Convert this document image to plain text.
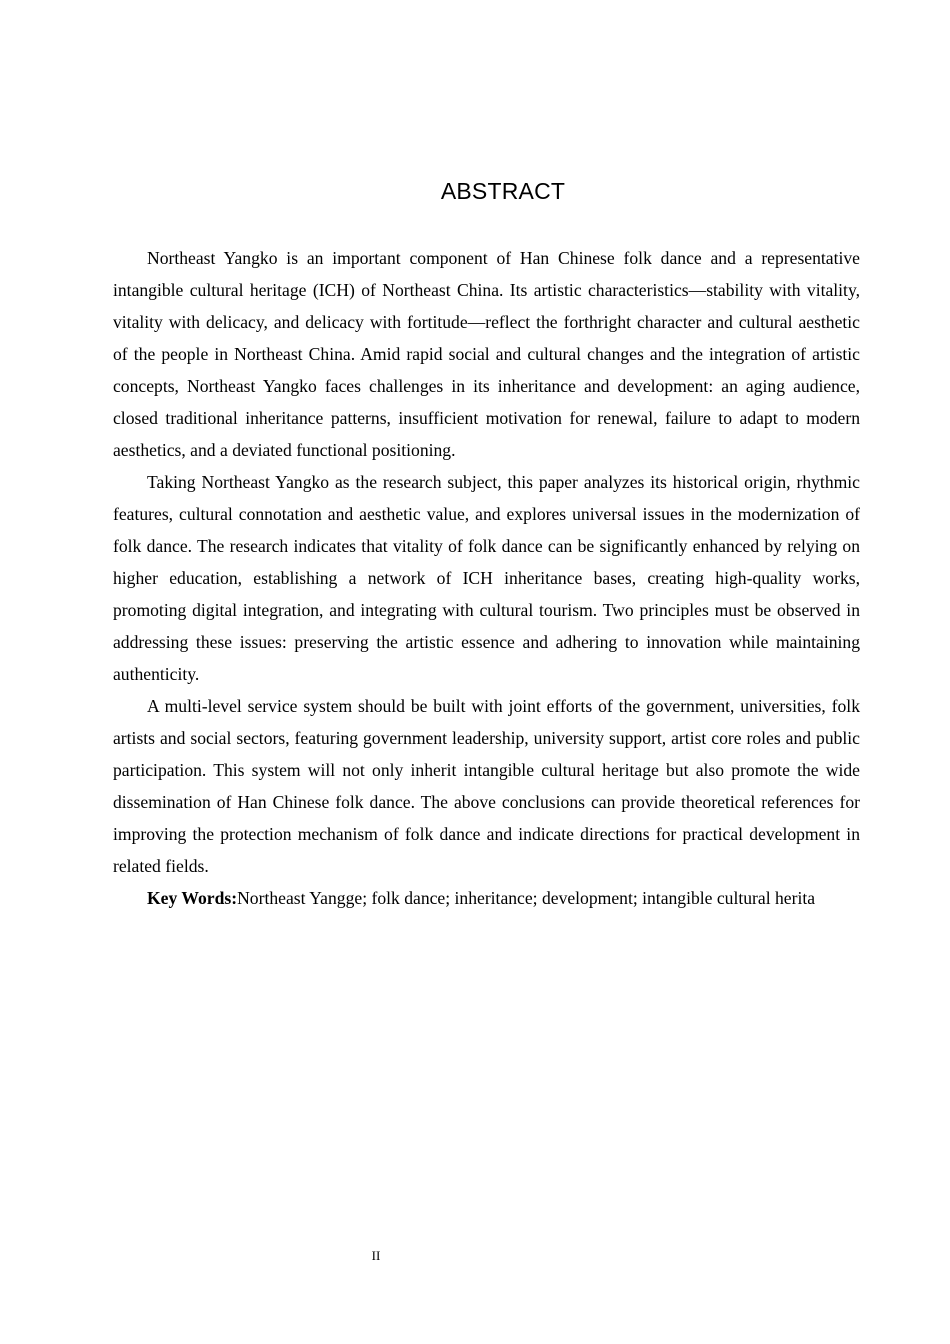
ABSTRACT

Northeast Yangko is an important component of Han Chinese folk dance and a representative intangible cultural heritage (ICH) of Northeast China. Its artistic characteristics—stability with vitality, vitality with delicacy, and delicacy with fortitude—reflect the forthright character and cultural aesthetic of the people in Northeast China. Amid rapid social and cultural changes and the integration of artistic concepts, Northeast Yangko faces challenges in its inheritance and development: an aging audience, closed traditional inheritance patterns, insufficient motivation for renewal, failure to adapt to modern aesthetics, and a deviated functional positioning.

Taking Northeast Yangko as the research subject, this paper analyzes its historical origin, rhythmic features, cultural connotation and aesthetic value, and explores universal issues in the modernization of folk dance. The research indicates that vitality of folk dance can be significantly enhanced by relying on higher education, establishing a network of ICH inheritance bases, creating high-quality works, promoting digital integration, and integrating with cultural tourism. Two principles must be observed in addressing these issues: preserving the artistic essence and adhering to innovation while maintaining authenticity.

A multi-level service system should be built with joint efforts of the government, universities, folk artists and social sectors, featuring government leadership, university support, artist core roles and public participation. This system will not only inherit intangible cultural heritage but also promote the wide dissemination of Han Chinese folk dance. The above conclusions can provide theoretical references for improving the protection mechanism of folk dance and indicate directions for practical development in related fields.

Key Words:Northeast Yangge; folk dance; inheritance; development; intangible cultural herita

II
